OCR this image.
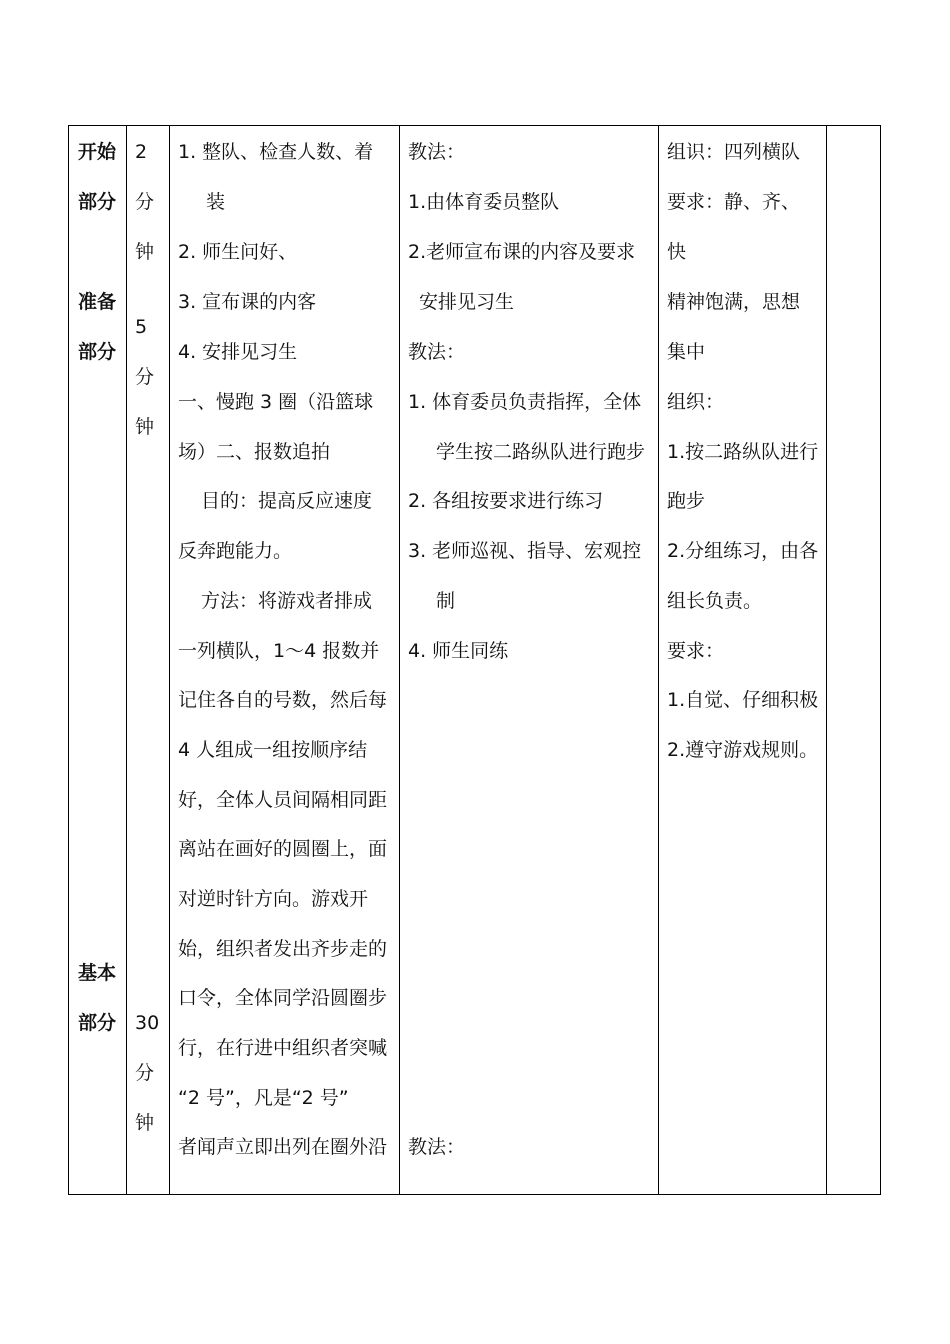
开始
部分
准备
部分
基本
部分
2
分
钟
5
分
钟
30
分
钟
1. 整队、检查人数、着
装
2. 师生问好、
3. 宣布课的内客
4. 安排见习生
一、慢跑 3 圈（沿篮球
场）二、报数追拍
目的：提高反应速度
反奔跑能力。
方法：将游戏者排成
一列横队，1～4 报数并
记住各自的号数，然后每
4 人组成一组按顺序结
好，全体人员间隔相同距
离站在画好的圆圈上，面
对逆时针方向。游戏开
始，组织者发出齐步走的
口令，全体同学沿圆圈步
行，在行进中组织者突喊
“2 号”，凡是“2 号”
者闻声立即出列在圈外沿
教法：
1.由体育委员整队
2.老师宣布课的内容及要求
安排见习生
教法：
1. 体育委员负责指挥，全体
学生按二路纵队进行跑步
2. 各组按要求进行练习
3. 老师巡视、指导、宏观控
制
4. 师生同练
教法：
组识：四列横队
要求：静、齐、
快
精神饱满，思想
集中
组织：
1.按二路纵队进行
跑步
2.分组练习，由各
组长负责。
要求：
1.自觉、仔细积极
2.遵守游戏规则。
